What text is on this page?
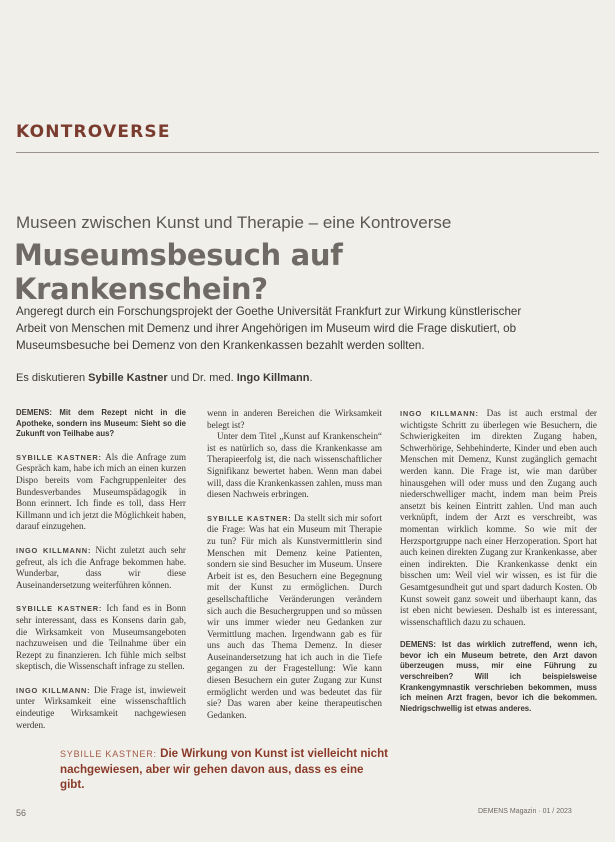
KONTROVERSE
Museen zwischen Kunst und Therapie – eine Kontroverse
Museumsbesuch auf Krankenschein?
Angeregt durch ein Forschungsprojekt der Goethe Universität Frankfurt zur Wirkung künstlerischer Arbeit von Menschen mit Demenz und ihrer Angehörigen im Museum wird die Frage diskutiert, ob Museumsbesuche bei Demenz von den Krankenkassen bezahlt werden sollten.
Es diskutieren Sybille Kastner und Dr. med. Ingo Killmann.

DEMENS: Mit dem Rezept nicht in die Apotheke, sondern ins Museum: Sieht so die Zukunft von Teilhabe aus?

SYBILLE KASTNER: Als die Anfrage zum Gespräch kam, habe ich mich an einen kurzen Dispo bereits vom Fachgruppenleiter des Bundesverbandes Museumspädagogik in Bonn erinnert. Ich finde es toll, dass Herr Killmann und ich jetzt die Möglichkeit haben, darauf einzugehen.

INGO KILLMANN: Nicht zuletzt auch sehr gefreut, als ich die Anfrage bekommen habe. Wunderbar, dass wir diese Auseinandersetzung weiterführen können.

SYBILLE KASTNER: Ich fand es in Bonn sehr interessant, dass es Konsens darin gab, die Wirksamkeit von Museumsangeboten nachzuweisen und die Teilnahme über ein Rezept zu finanzieren. Ich fühle mich selbst skeptisch, die Wissenschaft infrage zu stellen.

INGO KILLMANN: Die Frage ist, inwieweit unter Wirksamkeit eine wissenschaftlich eindeutige Wirksamkeit nachgewiesen werden.

wenn in anderen Bereichen die Wirksamkeit belegt ist?

Unter dem Titel „Kunst auf Krankenschein“ ist es natürlich so, dass die Krankenkasse am Therapieerfolg ist, die nach wissenschaftlicher Signifikanz bewertet haben. Wenn man dabei will, dass die Krankenkassen zahlen, muss man diesen Nachweis erbringen.

SYBILLE KASTNER: Da stellt sich mir sofort die Frage: Was hat ein Museum mit Therapie zu tun? Für mich als Kunstvermittlerin sind Menschen mit Demenz keine Patienten, sondern sie sind Besucher im Museum. Unsere Arbeit ist es, den Besuchern eine Begegnung mit der Kunst zu ermöglichen. Durch gesellschaftliche Veränderungen verändern sich auch die Besuchergruppen und so müssen wir uns immer wieder neu Gedanken zur Vermittlung machen. Irgendwann gab es für uns auch das Thema Demenz. In dieser Auseinandersetzung hat ich auch in die Tiefe gegangen zu der Fragestellung: Wie kann diesen Besuchern ein guter Zugang zur Kunst ermöglicht werden und was bedeutet das für sie? Das waren aber keine therapeutischen Gedanken.

INGO KILLMANN: Das ist auch erstmal der wichtigste Schritt zu überlegen wie Besuchern, die Schwierigkeiten im direkten Zugang haben, Schwerhörige, Sehbehinderte, Kinder und eben auch Menschen mit Demenz, Kunst zugänglich gemacht werden kann. Die Frage ist, wie man darüber hinausgehen will oder muss und den Zugang auch niederschwelliger macht, indem man beim Preis ansetzt bis keinen Eintritt zahlen. Und man auch verknüpft, indem der Arzt es verschreibt, was momentan wirklich komme. So wie mit der Herzsportgruppe nach einer Herzoperation. Sport hat auch keinen direkten Zugang zur Krankenkasse, aber einen indirekten. Die Krankenkasse denkt ein bisschen um: Weil viel wir wissen, es ist für die Gesamtgesundheit gut und spart dadurch Kosten. Ob Kunst soweit ganz soweit und überhaupt kann, das ist eben nicht bewiesen. Deshalb ist es interessant, wissenschaftlich dazu zu schauen.

DEMENS: Ist das wirklich zutreffend, wenn ich, bevor ich ein Museum betrete, den Arzt davon überzeugen muss, mir eine Führung zu verschreiben? Will ich beispielsweise Krankengymnastik verschrieben bekommen, muss ich meinen Arzt fragen, bevor ich die bekommen. Niedrigschwellig ist etwas anderes.

SYBILLE KASTNER: Die Wirkung von Kunst ist vielleicht nicht nachgewiesen, aber wir gehen davon aus, dass es eine gibt.
56	DEMENS Magazin · 01 / 2023
